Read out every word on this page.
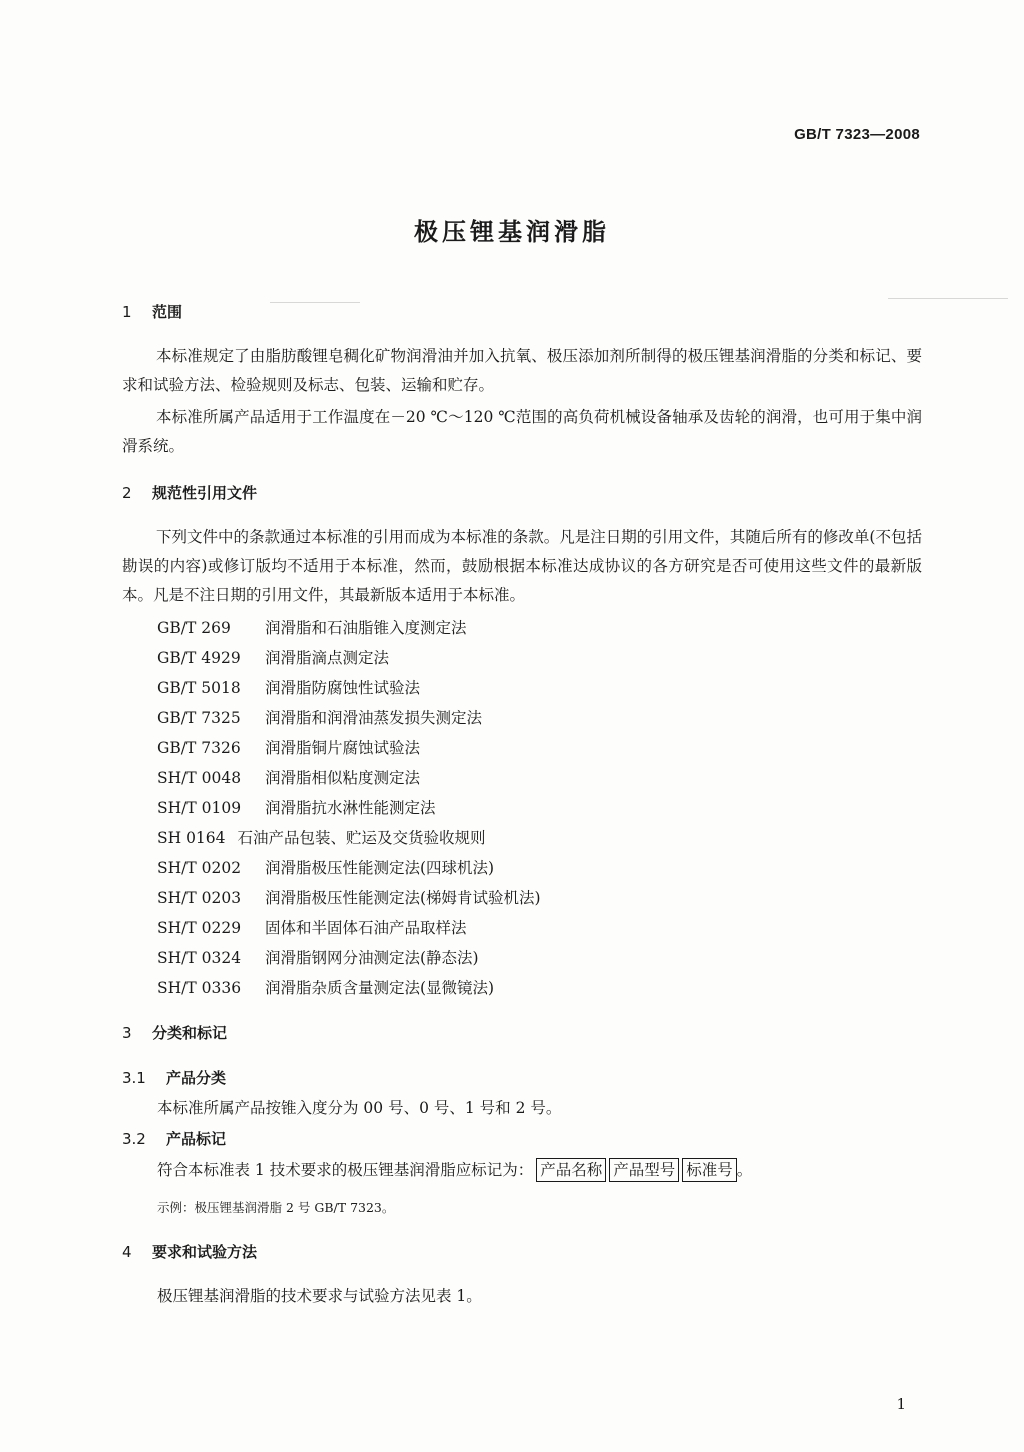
GB/T 7323—2008
极压锂基润滑脂
1 范围
本标准规定了由脂肪酸锂皂稠化矿物润滑油并加入抗氧、极压添加剂所制得的极压锂基润滑脂的分类和标记、要求和试验方法、检验规则及标志、包装、运输和贮存。
本标准所属产品适用于工作温度在－20 ℃～120 ℃范围的高负荷机械设备轴承及齿轮的润滑，也可用于集中润滑系统。
2 规范性引用文件
下列文件中的条款通过本标准的引用而成为本标准的条款。凡是注日期的引用文件，其随后所有的修改单(不包括勘误的内容)或修订版均不适用于本标准，然而，鼓励根据本标准达成协议的各方研究是否可使用这些文件的最新版本。凡是不注日期的引用文件，其最新版本适用于本标准。
GB/T 269 润滑脂和石油脂锥入度测定法
GB/T 4929 润滑脂滴点测定法
GB/T 5018 润滑脂防腐蚀性试验法
GB/T 7325 润滑脂和润滑油蒸发损失测定法
GB/T 7326 润滑脂铜片腐蚀试验法
SH/T 0048 润滑脂相似粘度测定法
SH/T 0109 润滑脂抗水淋性能测定法
SH 0164 石油产品包装、贮运及交货验收规则
SH/T 0202 润滑脂极压性能测定法(四球机法)
SH/T 0203 润滑脂极压性能测定法(梯姆肯试验机法)
SH/T 0229 固体和半固体石油产品取样法
SH/T 0324 润滑脂钢网分油测定法(静态法)
SH/T 0336 润滑脂杂质含量测定法(显微镜法)
3 分类和标记
3.1 产品分类
本标准所属产品按锥入度分为 00 号、0 号、1 号和 2 号。
3.2 产品标记
符合本标准表 1 技术要求的极压锂基润滑脂应标记为： 产品名称 产品型号 标准号 。
示例：极压锂基润滑脂 2 号 GB/T 7323。
4 要求和试验方法
极压锂基润滑脂的技术要求与试验方法见表 1。
1
